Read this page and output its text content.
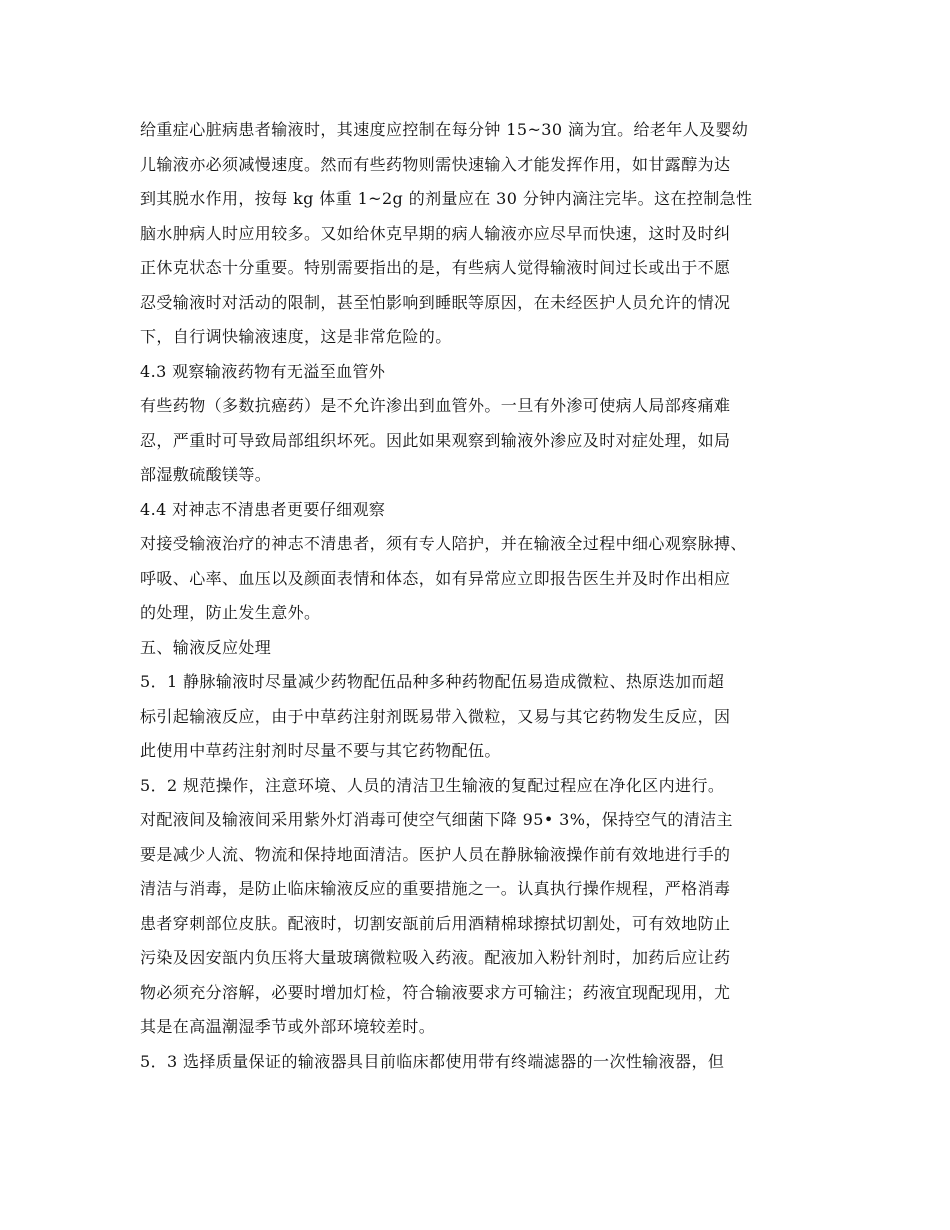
给重症心脏病患者输液时，其速度应控制在每分钟 15~30 滴为宜。给老年人及婴幼
儿输液亦必须减慢速度。然而有些药物则需快速输入才能发挥作用，如甘露醇为达
到其脱水作用，按每 kg 体重 1~2g 的剂量应在 30 分钟内滴注完毕。这在控制急性
脑水肿病人时应用较多。又如给休克早期的病人输液亦应尽早而快速，这时及时纠
正休克状态十分重要。特别需要指出的是，有些病人觉得输液时间过长或出于不愿
忍受输液时对活动的限制，甚至怕影响到睡眠等原因，在未经医护人员允许的情况
下，自行调快输液速度，这是非常危险的。
4.3 观察输液药物有无溢至血管外
有些药物（多数抗癌药）是不允许渗出到血管外。一旦有外渗可使病人局部疼痛难
忍，严重时可导致局部组织坏死。因此如果观察到输液外渗应及时对症处理，如局
部湿敷硫酸镁等。
4.4 对神志不清患者更要仔细观察
对接受输液治疗的神志不清患者，须有专人陪护，并在输液全过程中细心观察脉搏、
呼吸、心率、血压以及颜面表情和体态，如有异常应立即报告医生并及时作出相应
的处理，防止发生意外。
五、输液反应处理
5．1 静脉输液时尽量减少药物配伍品种多种药物配伍易造成微粒、热原迭加而超
标引起输液反应，由于中草药注射剂既易带入微粒，又易与其它药物发生反应，因
此使用中草药注射剂时尽量不要与其它药物配伍。
5．2 规范操作，注意环境、人员的清洁卫生输液的复配过程应在净化区内进行。
对配液间及输液间采用紫外灯消毒可使空气细菌下降 95• 3%，保持空气的清洁主
要是减少人流、物流和保持地面清洁。医护人员在静脉输液操作前有效地进行手的
清洁与消毒，是防止临床输液反应的重要措施之一。认真执行操作规程，严格消毒
患者穿刺部位皮肤。配液时，切割安瓿前后用酒精棉球擦拭切割处，可有效地防止
污染及因安瓿内负压将大量玻璃微粒吸入药液。配液加入粉针剂时，加药后应让药
物必须充分溶解，必要时增加灯检，符合输液要求方可输注；药液宜现配现用，尤
其是在高温潮湿季节或外部环境较差时。
5．3 选择质量保证的输液器具目前临床都使用带有终端滤器的一次性输液器，但
